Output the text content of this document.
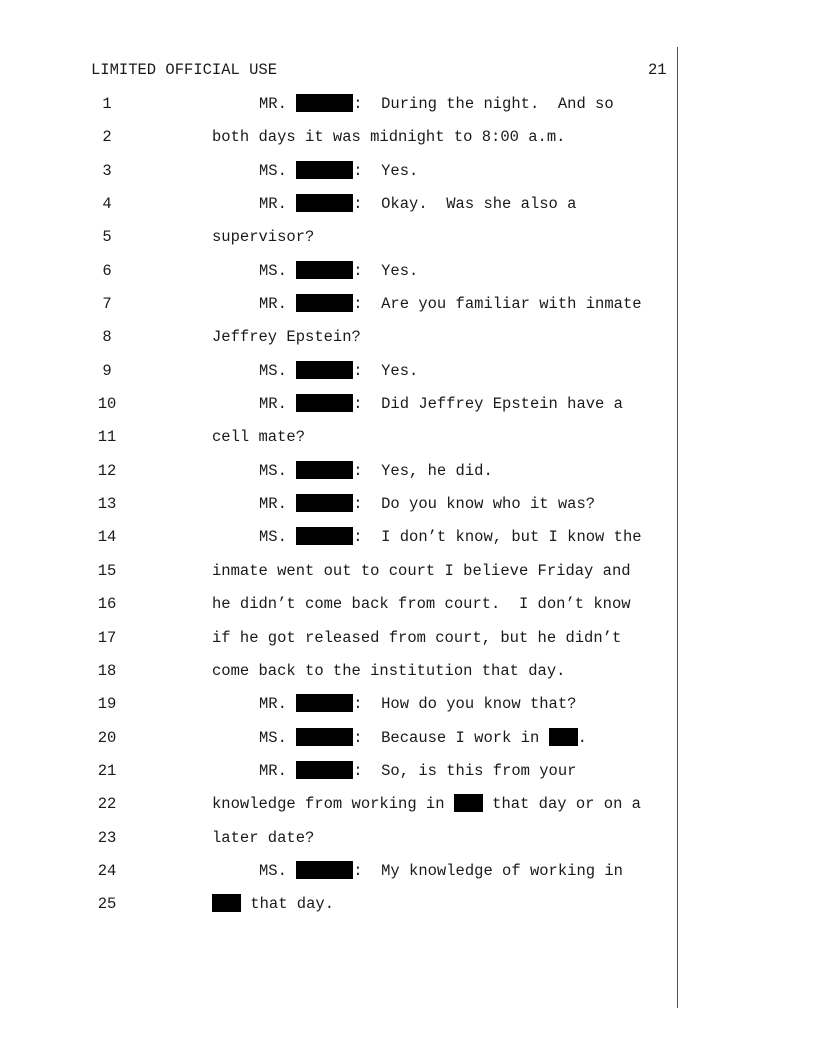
LIMITED OFFICIAL USE	21
1	MR.	:  During the night.  And so
2	both days it was midnight to 8:00 a.m.
3	MS.	:  Yes.
4	MR.	:  Okay.  Was she also a
5	supervisor?
6	MS.	:  Yes.
7	MR.	:  Are you familiar with inmate
8	Jeffrey Epstein?
9	MS.	:  Yes.
10	MR.	:  Did Jeffrey Epstein have a
11	cell mate?
12	MS.	:  Yes, he did.
13	MR.	:  Do you know who it was?
14	MS.	:  I don’t know, but I know the
15	inmate went out to court I believe Friday and
16	he didn’t come back from court.  I don’t know
17	if he got released from court, but he didn’t
18	come back to the institution that day.
19	MR.	:  How do you know that?
20	MS.	:  Because I work in .
21	MR.	:  So, is this from your
22	knowledge from working in  that day or on a
23	later date?
24	MS.	:  My knowledge of working in
25	that day.
